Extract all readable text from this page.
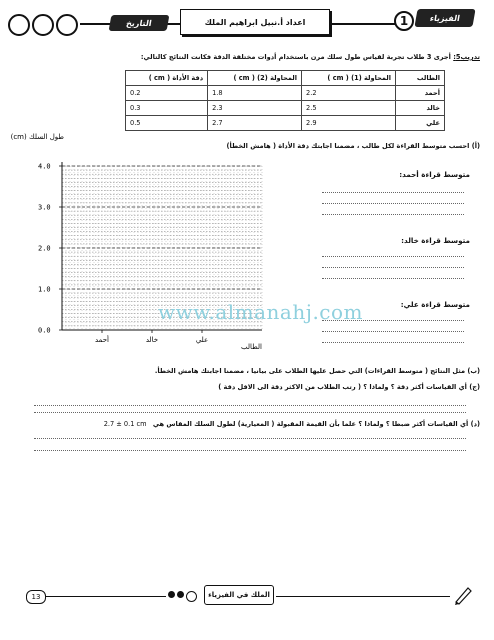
التاريخ	اعداد أ.نبيل ابراهيم الملك	1	الفيزياء
تدريب5: أجرى 3 طلاب تجربة لقياس طول سلك مرن باستخدام أدوات مختلفة الدقة فكانت النتائج كالتالي:
الطالب	المحاولة (1) ( cm )	المحاولة (2) ( cm )	دقة الأداة ( cm )
أحمد	2.2	1.8	0.2
خالد	2.5	2.3	0.3
علي	2.9	2.7	0.5
(أ) احسب متوسط القراءة لكل طالب ، مضمنا اجابتك دقة الأداة ( هامش الخطأ)
طول السلك (cm)
الطالب
0.0
1.0
2.0
3.0
4.0
أحمد	خالد	علي
متوسط قراءة أحمد:
متوسط قراءة خالد:
متوسط قراءة علي:
www.almanahj.com
(ب) مثل النتائج ( متوسط القراءات) التي حصل عليها الطلاب على بيانيا ، مضمنا اجابتك هامش الخطأ.
(ج) أي القياسات أكثر دقة ؟ ولماذا ؟ ( رتب الطلاب من الاكثر دقة الى الاقل دقة )
(د) أي القياسات أكثر ضبطا ؟ ولماذا ؟ علما بأن القيمة المقبولة ( المعيارية) لطول السلك المقاس هي 2.7 ± 0.1 cm
13	الملك في الفيزياء
